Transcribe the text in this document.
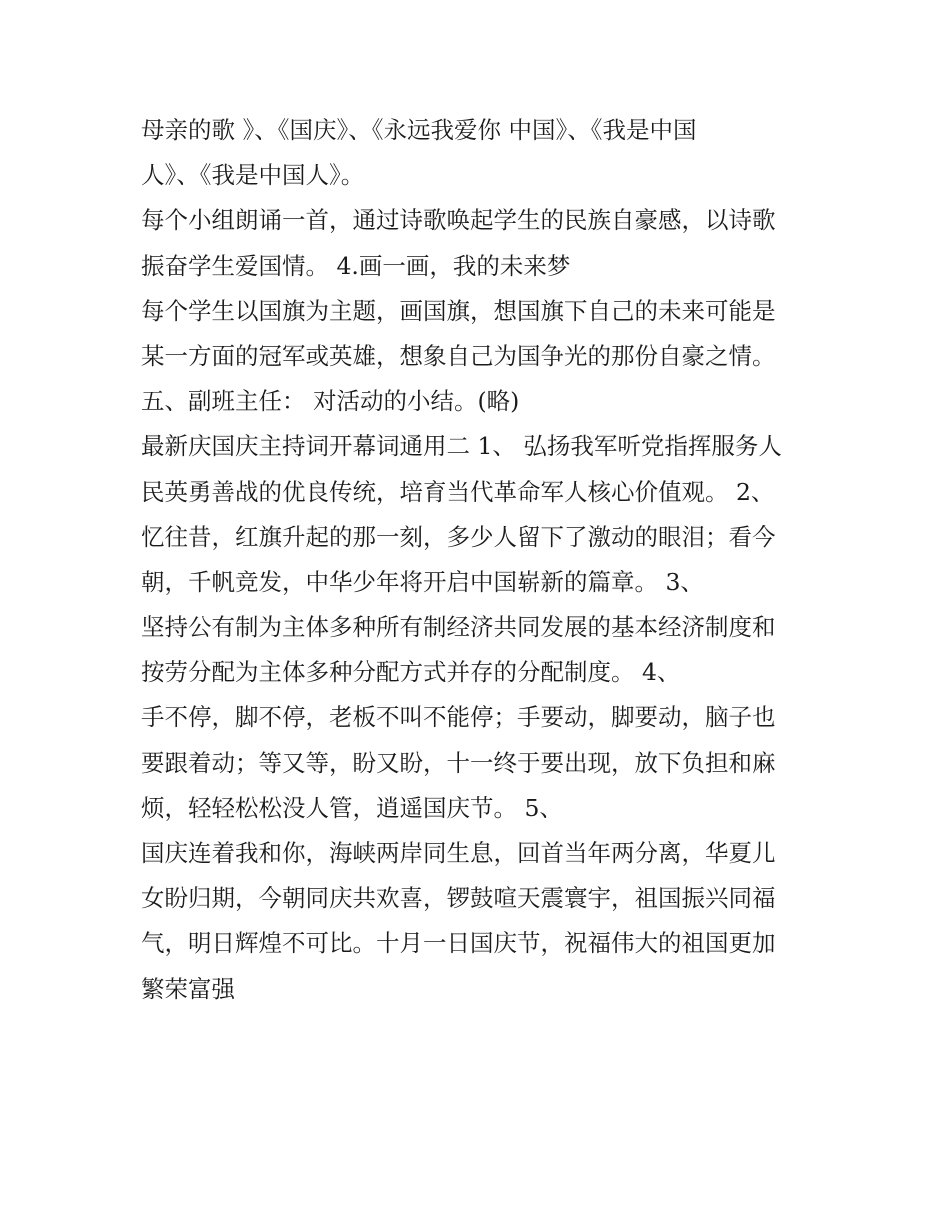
母亲的歌 》、《国庆》、《永远我爱你 中国》、《我是中国
人》、《我是中国人》。
每个小组朗诵一首，通过诗歌唤起学生的民族自豪感，以诗歌
振奋学生爱国情。 4.画一画，我的未来梦
每个学生以国旗为主题，画国旗，想国旗下自己的未来可能是
某一方面的冠军或英雄，想象自己为国争光的那份自豪之情。
五、副班主任： 对活动的小结。(略)
最新庆国庆主持词开幕词通用二 1、 弘扬我军听党指挥服务人
民英勇善战的优良传统，培育当代革命军人核心价值观。 2、
忆往昔，红旗升起的那一刻，多少人留下了激动的眼泪；看今
朝，千帆竞发，中华少年将开启中国崭新的篇章。 3、
坚持公有制为主体多种所有制经济共同发展的基本经济制度和
按劳分配为主体多种分配方式并存的分配制度。 4、
手不停，脚不停，老板不叫不能停；手要动，脚要动，脑子也
要跟着动；等又等，盼又盼，十一终于要出现，放下负担和麻
烦，轻轻松松没人管，逍遥国庆节。 5、
国庆连着我和你，海峡两岸同生息，回首当年两分离，华夏儿
女盼归期，今朝同庆共欢喜，锣鼓喧天震寰宇，祖国振兴同福
气，明日辉煌不可比。十月一日国庆节，祝福伟大的祖国更加
繁荣富强
